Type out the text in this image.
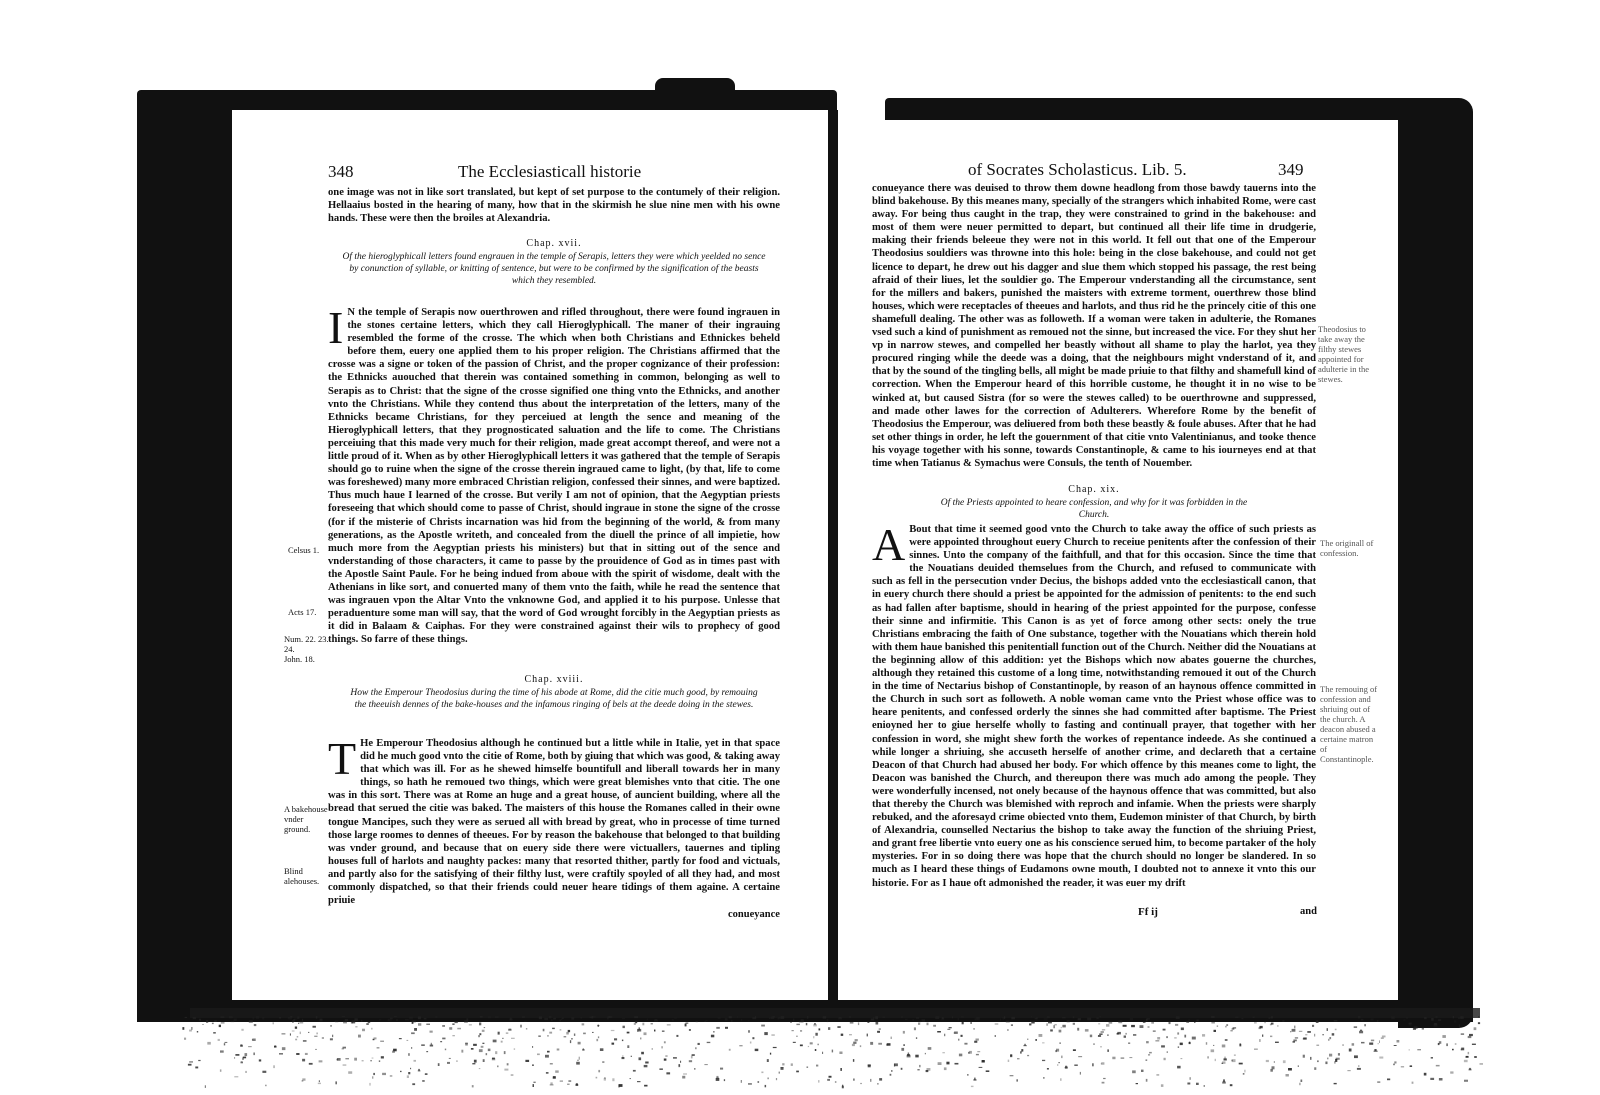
348	The Ecclesiasticall historie

one image was not in like sort translated, but kept of set purpose to the contumely of their religion. Hellaaius bosted in the hearing of many, how that in the skirmish he slue nine men with his owne hands. These were then the broiles at Alexandria.

Chap. xvii.
Of the hieroglyphicall letters found engrauen in the temple of Serapis, letters they were which yeelded no sence by conunction of syllable, or knitting of sentence, but were to be confirmed by the signification of the beasts which they resembled.
I N the temple of Serapis now ouerthrowen and rifled throughout, there were found ingrauen in the stones certaine letters, which they call Hieroglyphicall. The maner of their ingrauing resembled the forme of the crosse. The which when both Christians and Ethnickes beheld before them, euery one applied them to his proper religion. The Christians affirmed that the crosse was a signe or token of the passion of Christ, and the proper cognizance of their profession: the Ethnicks auouched that therein was contained something in common, belonging as well to Serapis as to Christ: that the signe of the crosse signified one thing vnto the Ethnicks, and another vnto the Christians. While they contend thus about the interpretation of the letters, many of the Ethnicks became Christians, for they perceiued at length the sence and meaning of the Hieroglyphicall letters, that they prognosticated saluation and the life to come. The Christians perceiuing that this made very much for their religion, made great accompt thereof, and were not a little proud of it. When as by other Hieroglyphicall letters it was gathered that the temple of Serapis should go to ruine when the signe of the crosse therein ingraued came to light, (by that, life to come was foreshewed) many more embraced Christian religion, confessed their sinnes, and were baptized. Thus much haue I learned of the crosse. But verily I am not of opinion, that the Aegyptian priests foreseeing that which should come to passe of Christ, should ingraue in stone the signe of the crosse (for if the misterie of Christs incarnation was hid from the beginning of the world, & from many generations, as the Apostle writeth, and concealed from the diuell the prince of all impietie, how much more from the Aegyptian priests his ministers) but that in sitting out of the sence and vnderstanding of those characters, it came to passe by the prouidence of God as in times past with the Apostle Saint Paule. For he being indued from aboue with the spirit of wisdome, dealt with the Athenians in like sort, and conuerted many of them vnto the faith, while he read the sentence that was ingrauen vpon the Altar Vnto the vnknowne God, and applied it to his purpose. Unlesse that peraduenture some man will say, that the word of God wrought forcibly in the Aegyptian priests as it did in Balaam & Caiphas. For they were constrained against their wils to prophecy of good things. So farre of these things.
Chap. xviii.
How the Emperour Theodosius during the time of his abode at Rome, did the citie much good, by remouing the theeuish dennes of the bake-houses and the infamous ringing of bels at the deede doing in the stewes.
T He Emperour Theodosius although he continued but a little while in Italie, yet in that space did he much good vnto the citie of Rome, both by giuing that which was good, & taking away that which was ill. For as he shewed himselfe bountifull and liberall towards her in many things, so hath he remoued two things, which were great blemishes vnto that citie. The one was in this sort. There was at Rome an huge and a great house, of auncient building, where all the bread that serued the citie was baked. The maisters of this house the Romanes called in their owne tongue Mancipes, such they were as serued all with bread by great, who in processe of time turned those large roomes to dennes of theeues. For by reason the bakehouse that belonged to that building was vnder ground, and because that on euery side there were victuallers, tauernes and tipling houses full of harlots and naughty packes: many that resorted thither, partly for food and victuals, and partly also for the satisfying of their filthy lust, were craftily spoyled of all they had, and most commonly dispatched, so that their friends could neuer heare tidings of them againe. A certaine priuie
conueyance
Celsus 1.
Acts 17.
Num. 22. 23. 24.
John. 18.
A bakehouse vnder ground.
Blind alehouses.
of Socrates Scholasticus. Lib. 5.	349

conueyance there was deuised to throw them downe headlong from those bawdy tauerns into the blind bakehouse. By this meanes many, specially of the strangers which inhabited Rome, were cast away. For being thus caught in the trap, they were constrained to grind in the bakehouse: and most of them were neuer permitted to depart, but continued all their life time in drudgerie, making their friends beleeue they were not in this world. It fell out that one of the Emperour Theodosius souldiers was throwne into this hole: being in the close bakehouse, and could not get licence to depart, he drew out his dagger and slue them which stopped his passage, the rest being afraid of their liues, let the souldier go. The Emperour vnderstanding all the circumstance, sent for the millers and bakers, punished the maisters with extreme torment, ouerthrew those blind houses, which were receptacles of theeues and harlots, and thus rid he the princely citie of this one shamefull dealing. The other was as followeth. If a woman were taken in adulterie, the Romanes vsed such a kind of punishment as remoued not the sinne, but increased the vice. For they shut her vp in narrow stewes, and compelled her beastly without all shame to play the harlot, yea they procured ringing while the deede was a doing, that the neighbours might vnderstand of it, and that by the sound of the tingling bells, all might be made priuie to that filthy and shamefull kind of correction. When the Emperour heard of this horrible custome, he thought it in no wise to be winked at, but caused Sistra (for so were the stewes called) to be ouerthrowne and suppressed, and made other lawes for the correction of Adulterers. Wherefore Rome by the benefit of Theodosius the Emperour, was deliuered from both these beastly & foule abuses. After that he had set other things in order, he left the gouernment of that citie vnto Valentinianus, and tooke thence his voyage together with his sonne, towards Constantinople, & came to his iourneyes end at that time when Tatianus & Symachus were Consuls, the tenth of Nouember.

Chap. xix.
Of the Priests appointed to heare confession, and why for it was forbidden in the Church.
A Bout that time it seemed good vnto the Church to take away the office of such priests as were appointed throughout euery Church to receiue penitents after the confession of their sinnes. Unto the company of the faithfull, and that for this occasion. Since the time that the Nouatians deuided themselues from the Church, and refused to communicate with such as fell in the persecution vnder Decius, the bishops added vnto the ecclesiasticall canon, that in euery church there should a priest be appointed for the admission of penitents: to the end such as had fallen after baptisme, should in hearing of the priest appointed for the purpose, confesse their sinne and infirmitie. This Canon is as yet of force among other sects: onely the true Christians embracing the faith of One substance, together with the Nouatians which therein hold with them haue banished this penitentiall function out of the Church. Neither did the Nouatians at the beginning allow of this addition: yet the Bishops which now abates gouerne the churches, although they retained this custome of a long time, notwithstanding remoued it out of the Church in the time of Nectarius bishop of Constantinople, by reason of an haynous offence committed in the Church in such sort as followeth. A noble woman came vnto the Priest whose office was to heare penitents, and confessed orderly the sinnes she had committed after baptisme. The Priest enioyned her to giue herselfe wholly to fasting and continuall prayer, that together with her confession in word, she might shew forth the workes of repentance indeede. As she continued a while longer a shriuing, she accuseth herselfe of another crime, and declareth that a certaine Deacon of that Church had abused her body. For which offence by this meanes come to light, the Deacon was banished the Church, and thereupon there was much ado among the people. They were wonderfully incensed, not onely because of the haynous offence that was committed, but also that thereby the Church was blemished with reproch and infamie. When the priests were sharply rebuked, and the aforesayd crime obiected vnto them, Eudemon minister of that Church, by birth of Alexandria, counselled Nectarius the bishop to take away the function of the shriuing Priest, and grant free libertie vnto euery one as his conscience serued him, to become partaker of the holy mysteries. For in so doing there was hope that the church should no longer be slandered. In so much as I heard these things of Eudamons owne mouth, I doubted not to annexe it vnto this our historie. For as I haue oft admonished the reader, it was euer my drift
Ff ij	and
Theodosius to take away the filthy stewes appointed for adulterie in the stewes.
The originall of confession.
The remouing of confession and shriuing out of the church. A deacon abused a certaine matron of Constantinople.
